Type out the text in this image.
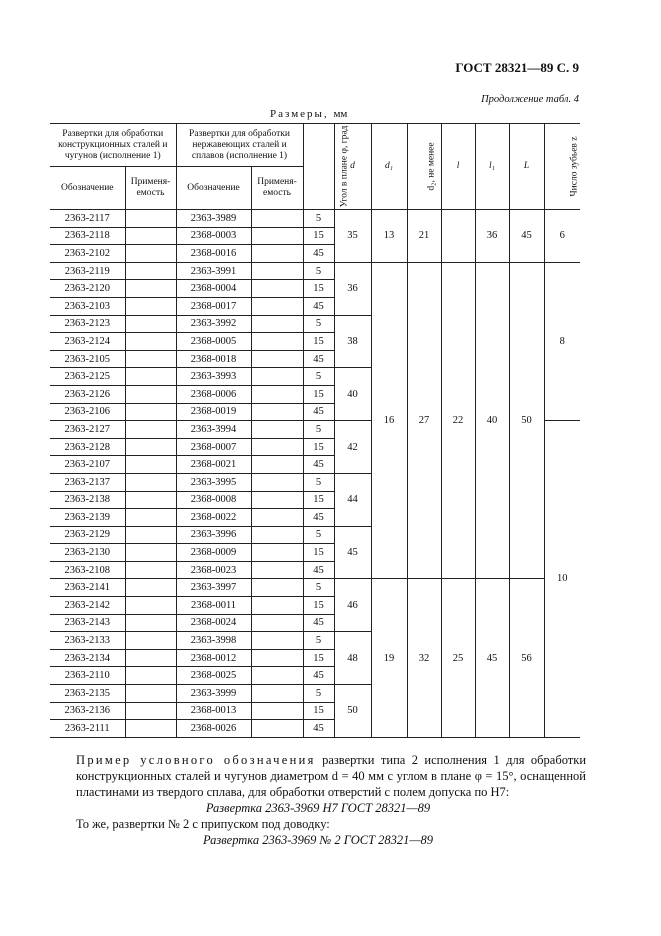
ГОСТ 28321—89 С. 9
Продолжение табл. 4
Размеры, мм
Развертки для обработки конструкционных сталей и чугунов (исполнение 1)		Развертки для обработки нержавеющих сталей и сплавов (исполнение 1)		Угол в плане φ, град	d	d₁	d₂, не менее	l	l₁	L	Число зубьев z
Обозначение	Применя-емость	Обозначение	Применя-емость								
2363-2117		2363-3989		5	35	13	21		36	45	6
2363-2118		2368-0003		15							
2363-2102		2368-0016		45							
2363-2119		2363-3991		5	36	16	27	22	40	50	8
2363-2120		2368-0004		15							
2363-2103		2368-0017		45							
2363-2123		2363-3992		5	38						
2363-2124		2368-0005		15							
2363-2105		2368-0018		45							
2363-2125		2363-3993		5	40						
2363-2126		2368-0006		15							
2363-2106		2368-0019		45							
2363-2127		2363-3994		5	42						10
2363-2128		2368-0007		15							
2363-2107		2368-0021		45							
2363-2137		2363-3995		5	44						
2363-2138		2368-0008		15							
2363-2139		2368-0022		45							
2363-2129		2363-3996		5	45						
2363-2130		2368-0009		15							
2363-2108		2368-0023		45							
2363-2141		2363-3997		5	46	19	32	25	45	56	
2363-2142		2368-0011		15							
2363-2143		2368-0024		45							
2363-2133		2363-3998		5	48						
2363-2134		2368-0012		15							
2363-2110		2368-0025		45							
2363-2135		2363-3999		5	50						
2363-2136		2368-0013		15							
2363-2111		2368-0026		45							
Пример условного обозначения развертки типа 2 исполнения 1 для обработки конструкционных сталей и чугунов диаметром d = 40 мм с углом в плане φ = 15°, оснащенной пластинами из твердого сплава, для обработки отверстий с полем допуска по Н7:
Развертка 2363-3969 Н7 ГОСТ 28321—89
То же, развертки № 2 с припуском под доводку:
Развертка 2363-3969 № 2 ГОСТ 28321—89
